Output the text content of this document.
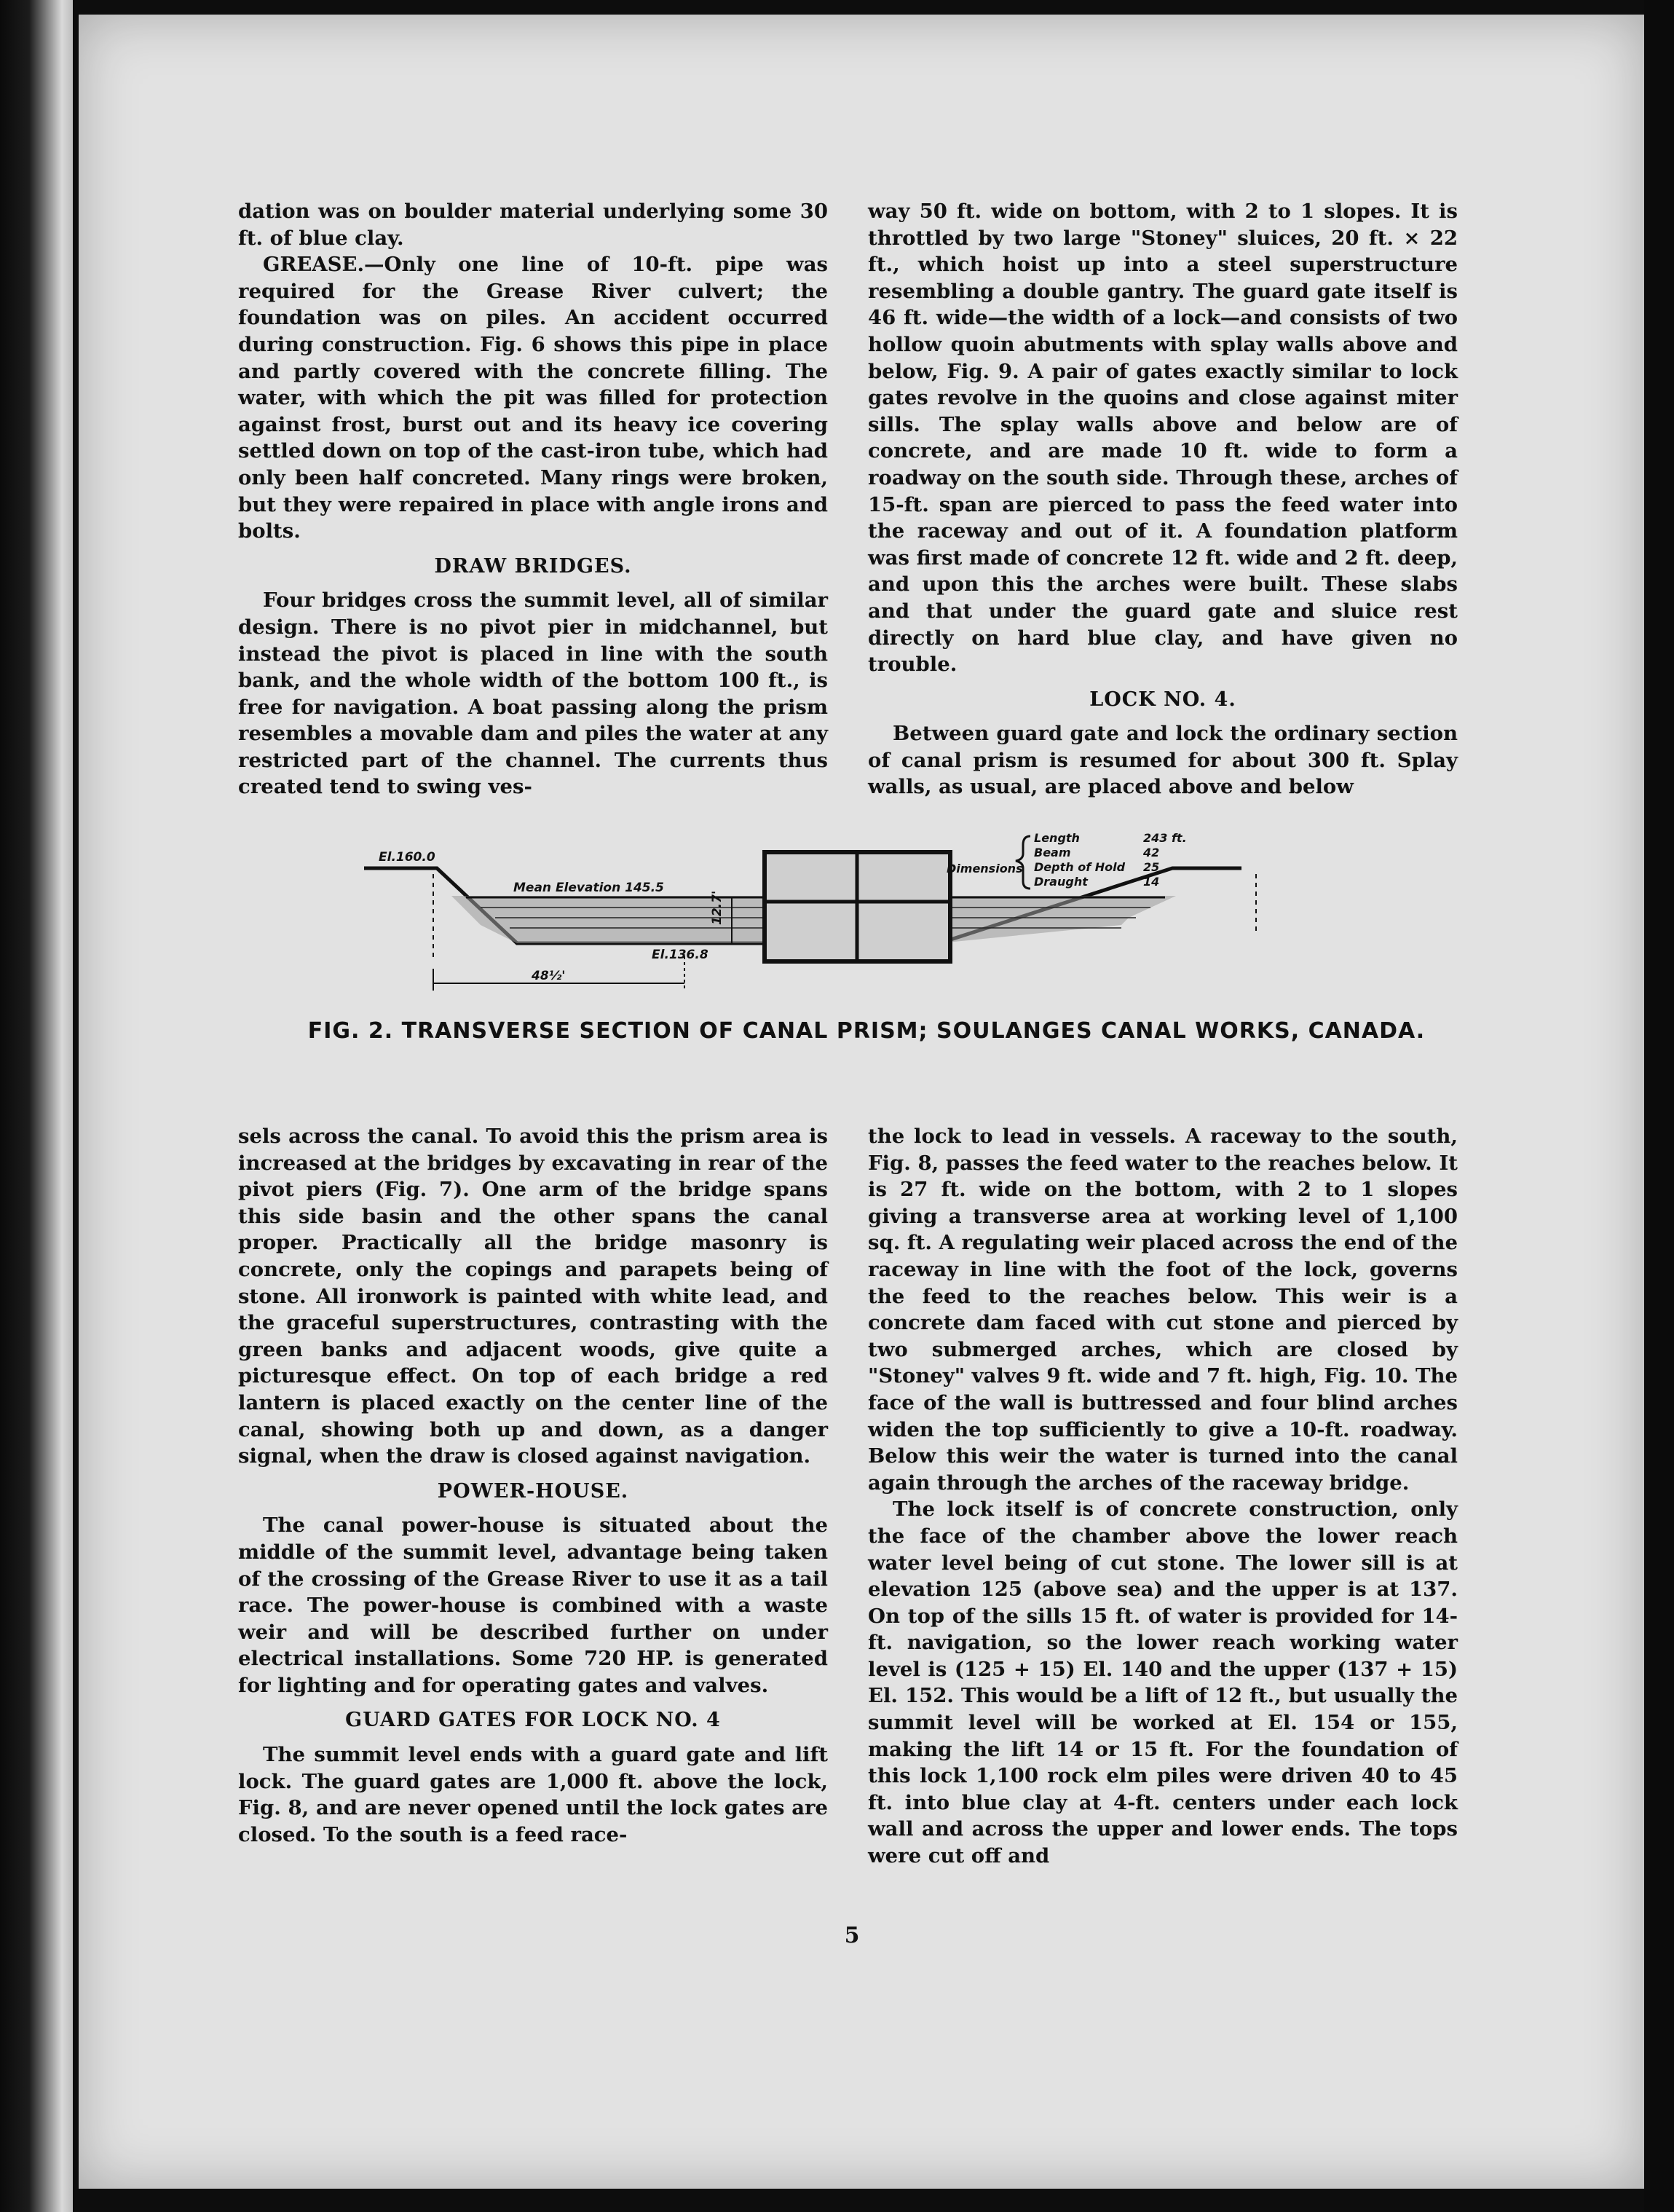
dation was on boulder material underlying some 30 ft. of blue clay.

GREASE.—Only one line of 10-ft. pipe was required for the Grease River culvert; the foundation was on piles. An accident occurred during construction. Fig. 6 shows this pipe in place and partly covered with the concrete filling. The water, with which the pit was filled for protection against frost, burst out and its heavy ice covering settled down on top of the cast-iron tube, which had only been half concreted. Many rings were broken, but they were repaired in place with angle irons and bolts.

DRAW BRIDGES.

Four bridges cross the summit level, all of similar design. There is no pivot pier in midchannel, but instead the pivot is placed in line with the south bank, and the whole width of the bottom 100 ft., is free for navigation. A boat passing along the prism resembles a movable dam and piles the water at any restricted part of the channel. The currents thus created tend to swing ves-

way 50 ft. wide on bottom, with 2 to 1 slopes. It is throttled by two large "Stoney" sluices, 20 ft. × 22 ft., which hoist up into a steel superstructure resembling a double gantry. The guard gate itself is 46 ft. wide—the width of a lock—and consists of two hollow quoin abutments with splay walls above and below, Fig. 9. A pair of gates exactly similar to lock gates revolve in the quoins and close against miter sills. The splay walls above and below are of concrete, and are made 10 ft. wide to form a roadway on the south side. Through these, arches of 15-ft. span are pierced to pass the feed water into the raceway and out of it. A foundation platform was first made of concrete 12 ft. wide and 2 ft. deep, and upon this the arches were built. These slabs and that under the guard gate and sluice rest directly on hard blue clay, and have given no trouble.

LOCK NO. 4.

Between guard gate and lock the ordinary section of canal prism is resumed for about 300 ft. Splay walls, as usual, are placed above and below

El.160.0
Mean Elevation 145.5
12.7'
El.136.8
48½'
Dimensions
Length	243 ft.
Beam	42
Depth of Hold 25
Draught	14
FIG. 2. TRANSVERSE SECTION OF CANAL PRISM; SOULANGES CANAL WORKS, CANADA.

sels across the canal. To avoid this the prism area is increased at the bridges by excavating in rear of the pivot piers (Fig. 7). One arm of the bridge spans this side basin and the other spans the canal proper. Practically all the bridge masonry is concrete, only the copings and parapets being of stone. All ironwork is painted with white lead, and the graceful superstructures, contrasting with the green banks and adjacent woods, give quite a picturesque effect. On top of each bridge a red lantern is placed exactly on the center line of the canal, showing both up and down, as a danger signal, when the draw is closed against navigation.

POWER-HOUSE.

The canal power-house is situated about the middle of the summit level, advantage being taken of the crossing of the Grease River to use it as a tail race. The power-house is combined with a waste weir and will be described further on under electrical installations. Some 720 HP. is generated for lighting and for operating gates and valves.

GUARD GATES FOR LOCK NO. 4

The summit level ends with a guard gate and lift lock. The guard gates are 1,000 ft. above the lock, Fig. 8, and are never opened until the lock gates are closed. To the south is a feed race-

the lock to lead in vessels. A raceway to the south, Fig. 8, passes the feed water to the reaches below. It is 27 ft. wide on the bottom, with 2 to 1 slopes giving a transverse area at working level of 1,100 sq. ft. A regulating weir placed across the end of the raceway in line with the foot of the lock, governs the feed to the reaches below. This weir is a concrete dam faced with cut stone and pierced by two submerged arches, which are closed by "Stoney" valves 9 ft. wide and 7 ft. high, Fig. 10. The face of the wall is buttressed and four blind arches widen the top sufficiently to give a 10-ft. roadway. Below this weir the water is turned into the canal again through the arches of the raceway bridge.

The lock itself is of concrete construction, only the face of the chamber above the lower reach water level being of cut stone. The lower sill is at elevation 125 (above sea) and the upper is at 137. On top of the sills 15 ft. of water is provided for 14-ft. navigation, so the lower reach working water level is (125 + 15) El. 140 and the upper (137 + 15) El. 152. This would be a lift of 12 ft., but usually the summit level will be worked at El. 154 or 155, making the lift 14 or 15 ft. For the foundation of this lock 1,100 rock elm piles were driven 40 to 45 ft. into blue clay at 4-ft. centers under each lock wall and across the upper and lower ends. The tops were cut off and

5
